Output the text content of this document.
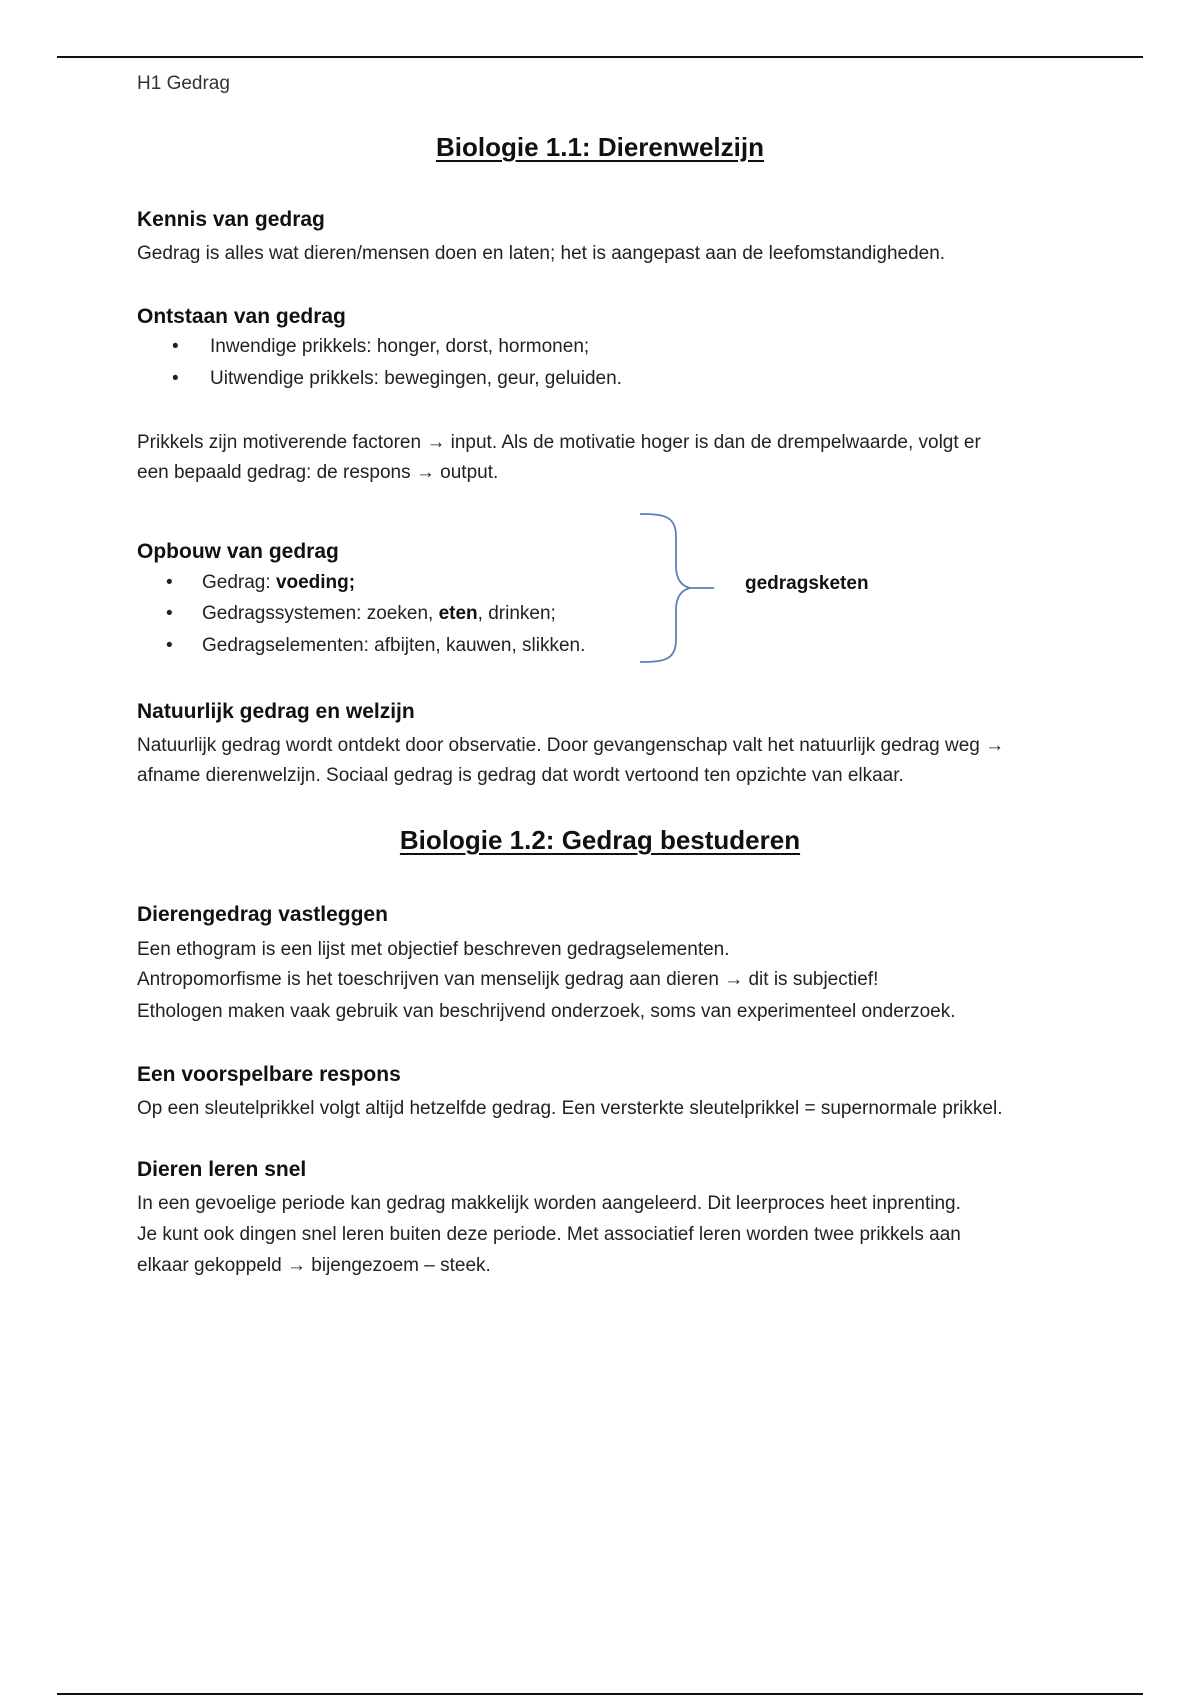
H1 Gedrag
Biologie 1.1: Dierenwelzijn
Kennis van gedrag
Gedrag is alles wat dieren/mensen doen en laten; het is aangepast aan de leefomstandigheden.
Ontstaan van gedrag
• Inwendige prikkels: honger, dorst, hormonen;
• Uitwendige prikkels: bewegingen, geur, geluiden.
Prikkels zijn motiverende factoren → input. Als de motivatie hoger is dan de drempelwaarde, volgt er
een bepaald gedrag: de respons → output.
Opbouw van gedrag
• Gedrag: voeding;
• Gedragssystemen: zoeken, eten, drinken;
• Gedragselementen: afbijten, kauwen, slikken.
gedragsketen
Natuurlijk gedrag en welzijn
Natuurlijk gedrag wordt ontdekt door observatie. Door gevangenschap valt het natuurlijk gedrag weg →
afname dierenwelzijn. Sociaal gedrag is gedrag dat wordt vertoond ten opzichte van elkaar.
Biologie 1.2: Gedrag bestuderen
Dierengedrag vastleggen
Een ethogram is een lijst met objectief beschreven gedragselementen.
Antropomorfisme is het toeschrijven van menselijk gedrag aan dieren → dit is subjectief!
Ethologen maken vaak gebruik van beschrijvend onderzoek, soms van experimenteel onderzoek.
Een voorspelbare respons
Op een sleutelprikkel volgt altijd hetzelfde gedrag. Een versterkte sleutelprikkel = supernormale prikkel.
Dieren leren snel
In een gevoelige periode kan gedrag makkelijk worden aangeleerd. Dit leerproces heet inprenting.
Je kunt ook dingen snel leren buiten deze periode. Met associatief leren worden twee prikkels aan
elkaar gekoppeld → bijengezoem – steek.
